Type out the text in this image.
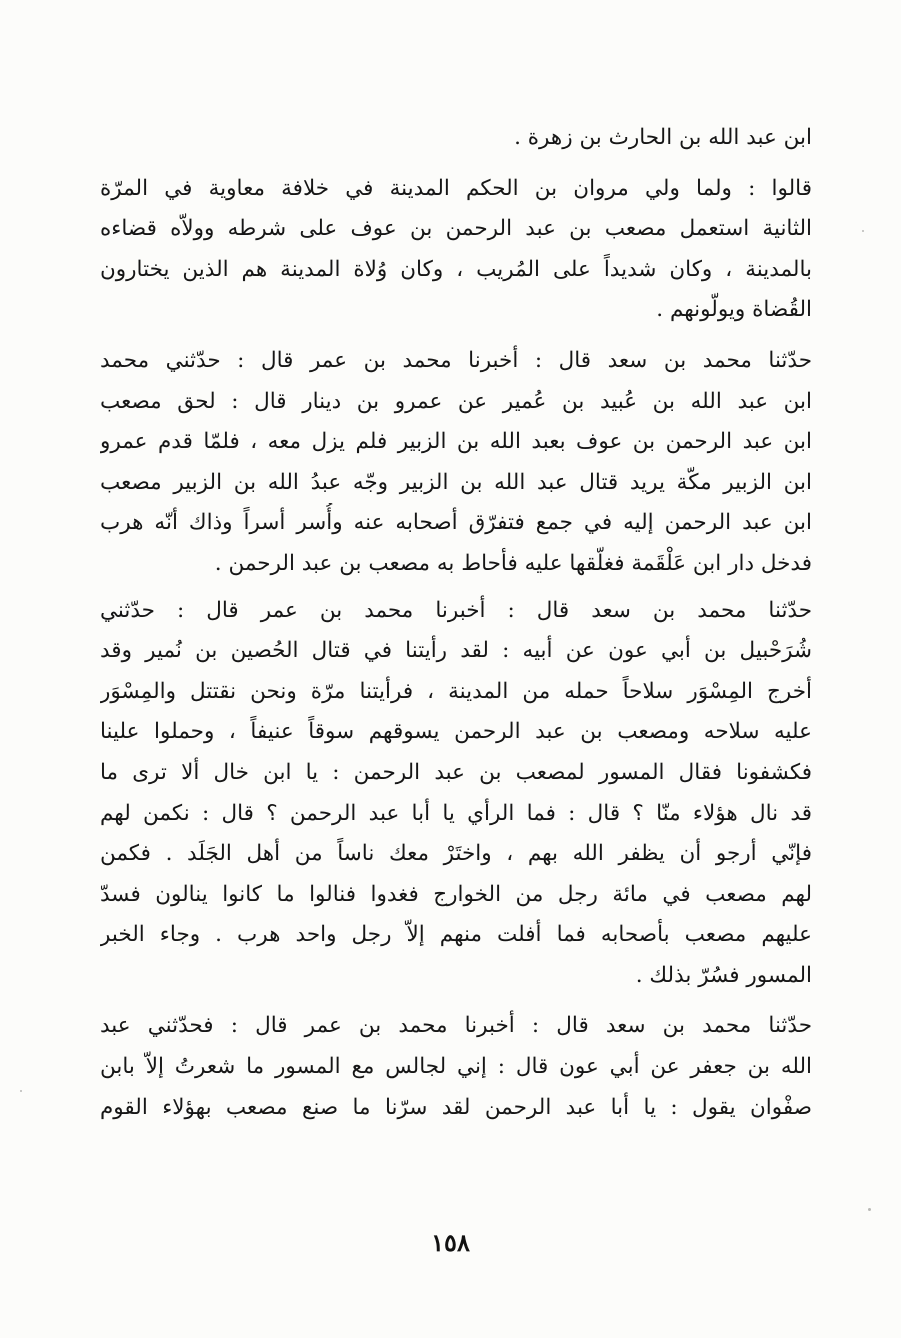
ابن عبد الله بن الحارث بن زهرة .
قالوا : ولما ولي مروان بن الحكم المدينة في خلافة معاوية في المرّة
الثانية استعمل مصعب بن عبد الرحمن بن عوف على شرطه وولاّه قضاءه
بالمدينة ، وكان شديداً على المُريب ، وكان وُلاة المدينة هم الذين يختارون
القُضاة ويولّونهم .
حدّثنا محمد بن سعد قال : أخبرنا محمد بن عمر قال : حدّثني محمد
ابن عبد الله بن عُبيد بن عُمير عن عمرو بن دينار قال : لحق مصعب
ابن عبد الرحمن بن عوف بعبد الله بن الزبير فلم يزل معه ، فلمّا قدم عمرو
ابن الزبير مكّة يريد قتال عبد الله بن الزبير وجّه عبدُ الله بن الزبير مصعب
ابن عبد الرحمن إليه في جمع فتفرّق أصحابه عنه وأُسر أسراً وذاك أنّه هرب
فدخل دار ابن عَلْقَمة فغلّقها عليه فأحاط به مصعب بن عبد الرحمن .
حدّثنا محمد بن سعد قال : أخبرنا محمد بن عمر قال : حدّثني
شُرَحْبيل بن أبي عون عن أبيه : لقد رأيتنا في قتال الحُصين بن نُمير وقد
أخرج المِسْوَر سلاحاً حمله من المدينة ، فرأيتنا مرّة ونحن نقتتل والمِسْوَر
عليه سلاحه ومصعب بن عبد الرحمن يسوقهم سوقاً عنيفاً ، وحملوا علينا
فكشفونا فقال المسور لمصعب بن عبد الرحمن : يا ابن خال ألا ترى ما
قد نال هؤلاء منّا ؟ قال : فما الرأي يا أبا عبد الرحمن ؟ قال : نكمن لهم
فإنّي أرجو أن يظفر الله بهم ، واختَرْ معك ناساً من أهل الجَلَد . فكمن
لهم مصعب في مائة رجل من الخوارج فغدوا فنالوا ما كانوا ينالون فسدّ
عليهم مصعب بأصحابه فما أفلت منهم إلاّ رجل واحد هرب . وجاء الخبر
المسور فسُرّ بذلك .
حدّثنا محمد بن سعد قال : أخبرنا محمد بن عمر قال : فحدّثني عبد
الله بن جعفر عن أبي عون قال : إني لجالس مع المسور ما شعرتُ إلاّ بابن
صفْوان يقول : يا أبا عبد الرحمن لقد سرّنا ما صنع مصعب بهؤلاء القوم
١٥٨
